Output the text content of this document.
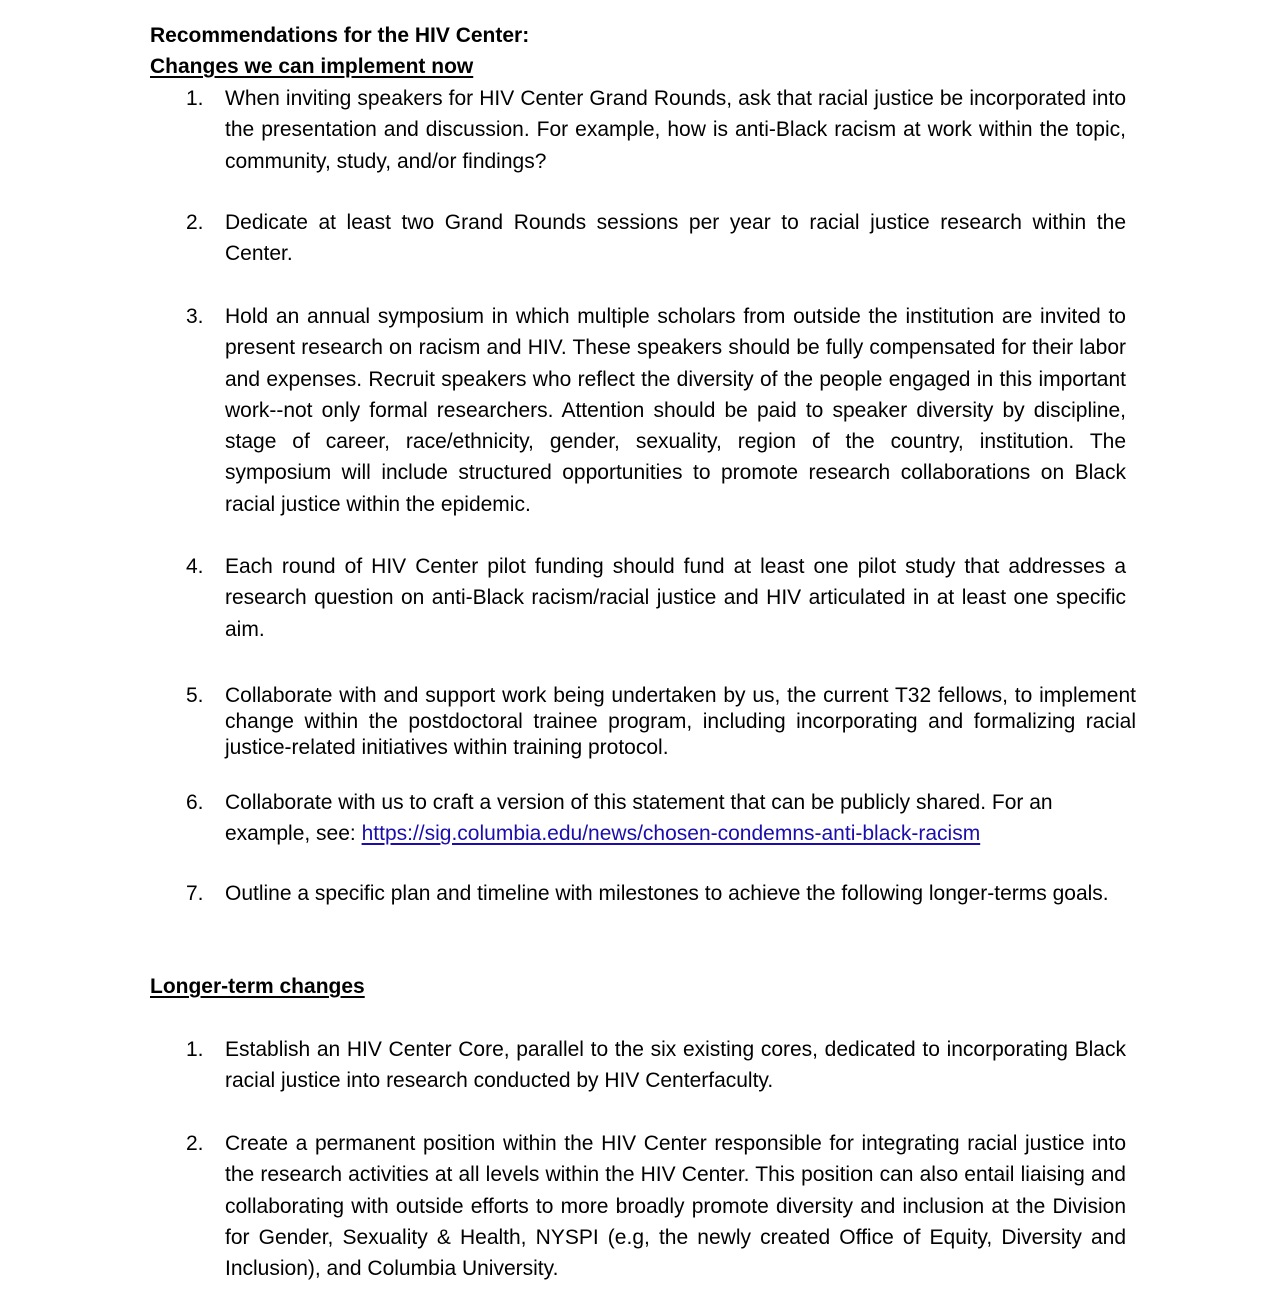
Recommendations for the HIV Center:
Changes we can implement now
1.	When inviting speakers for HIV Center Grand Rounds, ask that racial justice be incorporated into the presentation and discussion. For example, how is anti-Black racism at work within the topic, community, study, and/or findings?
2.	Dedicate at least two Grand Rounds sessions per year to racial justice research within the Center.
3.	Hold an annual symposium in which multiple scholars from outside the institution are invited to present research on racism and HIV. These speakers should be fully compensated for their labor and expenses. Recruit speakers who reflect the diversity of the people engaged in this important work--not only formal researchers. Attention should be paid to speaker diversity by discipline, stage of career, race/ethnicity, gender, sexuality, region of the country, institution. The symposium will include structured opportunities to promote research collaborations on Black racial justice within the epidemic.
4.	Each round of HIV Center pilot funding should fund at least one pilot study that addresses a research question on anti-Black racism/racial justice and HIV articulated in at least one specific aim.
5.	Collaborate with and support work being undertaken by us, the current T32 fellows, to implement change within the postdoctoral trainee program, including incorporating and formalizing racial justice-related initiatives within training protocol.
6.	Collaborate with us to craft a version of this statement that can be publicly shared. For an example, see: https://sig.columbia.edu/news/chosen-condemns-anti-black-racism
7.	Outline a specific plan and timeline with milestones to achieve the following longer-terms goals.
Longer-term changes
1.	Establish an HIV Center Core, parallel to the six existing cores, dedicated to incorporating Black racial justice into research conducted by HIV Centerfaculty.
2.	Create a permanent position within the HIV Center responsible for integrating racial justice into the research activities at all levels within the HIV Center. This position can also entail liaising and collaborating with outside efforts to more broadly promote diversity and inclusion at the Division for Gender, Sexuality & Health, NYSPI (e.g, the newly created Office of Equity, Diversity and Inclusion), and Columbia University.
